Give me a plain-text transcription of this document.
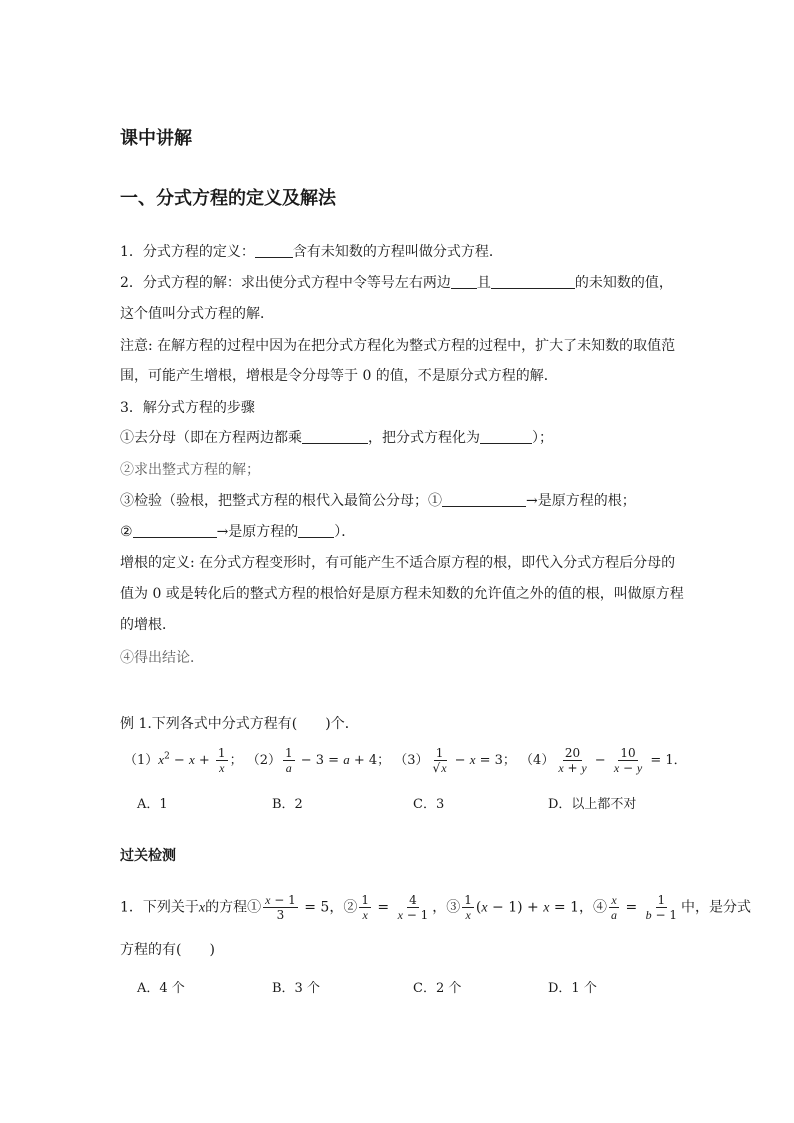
课中讲解
一、分式方程的定义及解法
1．分式方程的定义：	含有未知数的方程叫做分式方程．
2．分式方程的解：求出使分式方程中令等号左右两边 且	的未知数的值，
这个值叫分式方程的解．
注意: 在解方程的过程中因为在把分式方程化为整式方程的过程中，扩大了未知数的取值范
围，可能产生增根，增根是令分母等于 0 的值，不是原分式方程的解．
3．解分式方程的步骤
①去分母（即在方程两边都乘	，把分式方程化为	）；
②求出整式方程的解；
③检验（验根，把整式方程的根代入最简公分母；①	→是原方程的根；
②	→是原方程的	）．
增根的定义: 在分式方程变形时，有可能产生不适合原方程的根，即代入分式方程后分母的
值为 0 或是转化后的整式方程的根恰好是原方程未知数的允许值之外的值的根，叫做原方程
的增根．
④得出结论．
例 1.下列各式中分式方程有(　　)个．
$(1)x^2 - x + \frac{1}{x}$ ； $(2) \frac{1}{a} - 3 = a + 4$； $(3) \frac{1}{√x} - x = 3$； $(4) \frac{20}{x + y} - \frac{10}{x - y} = 1$．
A．1	B．2	C．3	D．以上都不对
过关检测
1．下列关于x的方程① $\frac{x - 1}{3} = 5$，② $\frac{1}{x} = \frac{4}{x - 1}$ ，③ $\frac{1}{x} (x - 1) + x = 1$，④ $\frac{x}{a} = \frac{1}{b - 1}$ 中，是分式
方程的有(　　)
A．4 个	B．3 个	C．2 个	D．1 个
